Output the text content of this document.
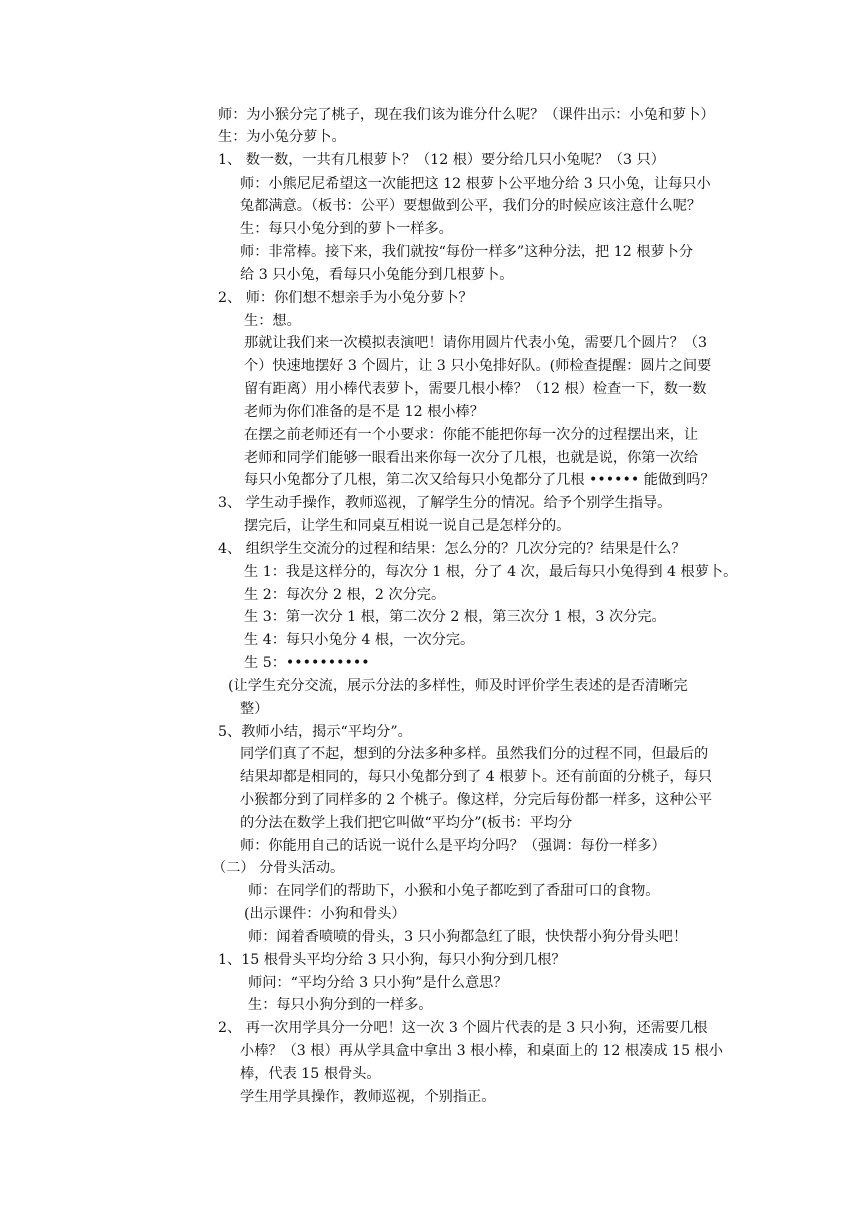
师：为小猴分完了桃子，现在我们该为谁分什么呢？（课件出示：小兔和萝卜）
生：为小兔分萝卜。
1、 数一数，一共有几根萝卜？（12 根）要分给几只小兔呢？（3 只）
师：小熊尼尼希望这一次能把这 12 根萝卜公平地分给 3 只小兔，让每只小
兔都满意。（板书：公平）要想做到公平，我们分的时候应该注意什么呢？
生：每只小兔分到的萝卜一样多。
师：非常棒。接下来，我们就按“每份一样多”这种分法，把 12 根萝卜分
给 3 只小兔，看每只小兔能分到几根萝卜。
2、 师：你们想不想亲手为小兔分萝卜？
生：想。
那就让我们来一次模拟表演吧！请你用圆片代表小兔，需要几个圆片？（3
个）快速地摆好 3 个圆片，让 3 只小兔排好队。(师检查提醒：圆片之间要
留有距离）用小棒代表萝卜，需要几根小棒？（12 根）检查一下，数一数
老师为你们准备的是不是 12 根小棒？
在摆之前老师还有一个小要求：你能不能把你每一次分的过程摆出来，让
老师和同学们能够一眼看出来你每一次分了几根，也就是说，你第一次给
每只小兔都分了几根，第二次又给每只小兔都分了几根 •••••• 能做到吗？
3、 学生动手操作，教师巡视，了解学生分的情况。给予个别学生指导。
摆完后，让学生和同桌互相说一说自己是怎样分的。
4、 组织学生交流分的过程和结果：怎么分的？几次分完的？结果是什么？
生 1：我是这样分的，每次分 1 根，分了 4 次，最后每只小兔得到 4 根萝卜。
生 2：每次分 2 根，2 次分完。
生 3：第一次分 1 根，第二次分 2 根，第三次分 1 根，3 次分完。
生 4：每只小兔分 4 根，一次分完。
生 5：••••••••••
(让学生充分交流，展示分法的多样性，师及时评价学生表述的是否清晰完
整）
5、教师小结，揭示“平均分”。
同学们真了不起，想到的分法多种多样。虽然我们分的过程不同，但最后的
结果却都是相同的，每只小兔都分到了 4 根萝卜。还有前面的分桃子，每只
小猴都分到了同样多的 2 个桃子。像这样，分完后每份都一样多，这种公平
的分法在数学上我们把它叫做“平均分”(板书：平均分
师：你能用自己的话说一说什么是平均分吗？（强调：每份一样多）
（二） 分骨头活动。
师：在同学们的帮助下，小猴和小兔子都吃到了香甜可口的食物。
(出示课件：小狗和骨头）
师：闻着香喷喷的骨头，3 只小狗都急红了眼，快快帮小狗分骨头吧！
1、15 根骨头平均分给 3 只小狗，每只小狗分到几根？
师问：“平均分给 3 只小狗”是什么意思？
生：每只小狗分到的一样多。
2、 再一次用学具分一分吧！这一次 3 个圆片代表的是 3 只小狗，还需要几根
小棒？（3 根）再从学具盒中拿出 3 根小棒，和桌面上的 12 根凑成 15 根小
棒，代表 15 根骨头。
学生用学具操作，教师巡视，个别指正。
